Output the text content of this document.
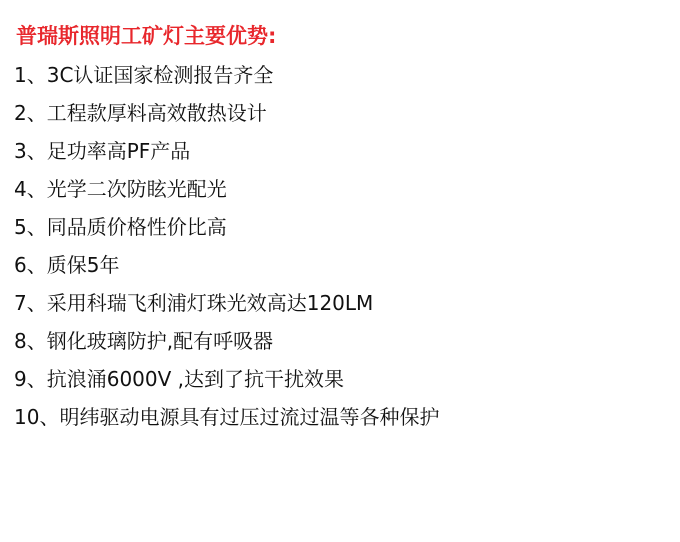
普瑞斯照明工矿灯主要优势:
1、 3C认证国家检测报告齐全
2、 工程款厚料高效散热设计
3、 足功率高PF产品
4、 光学二次防眩光配光
5、 同品质价格性价比高
6、 质保5年
7、 采用科瑞飞利浦灯珠光效高达120LM
8、 钢化玻璃防护,配有呼吸器
9、 抗浪涌6000V ,达到了抗干扰效果
10、 明纬驱动电源具有过压过流过温等各种保护
